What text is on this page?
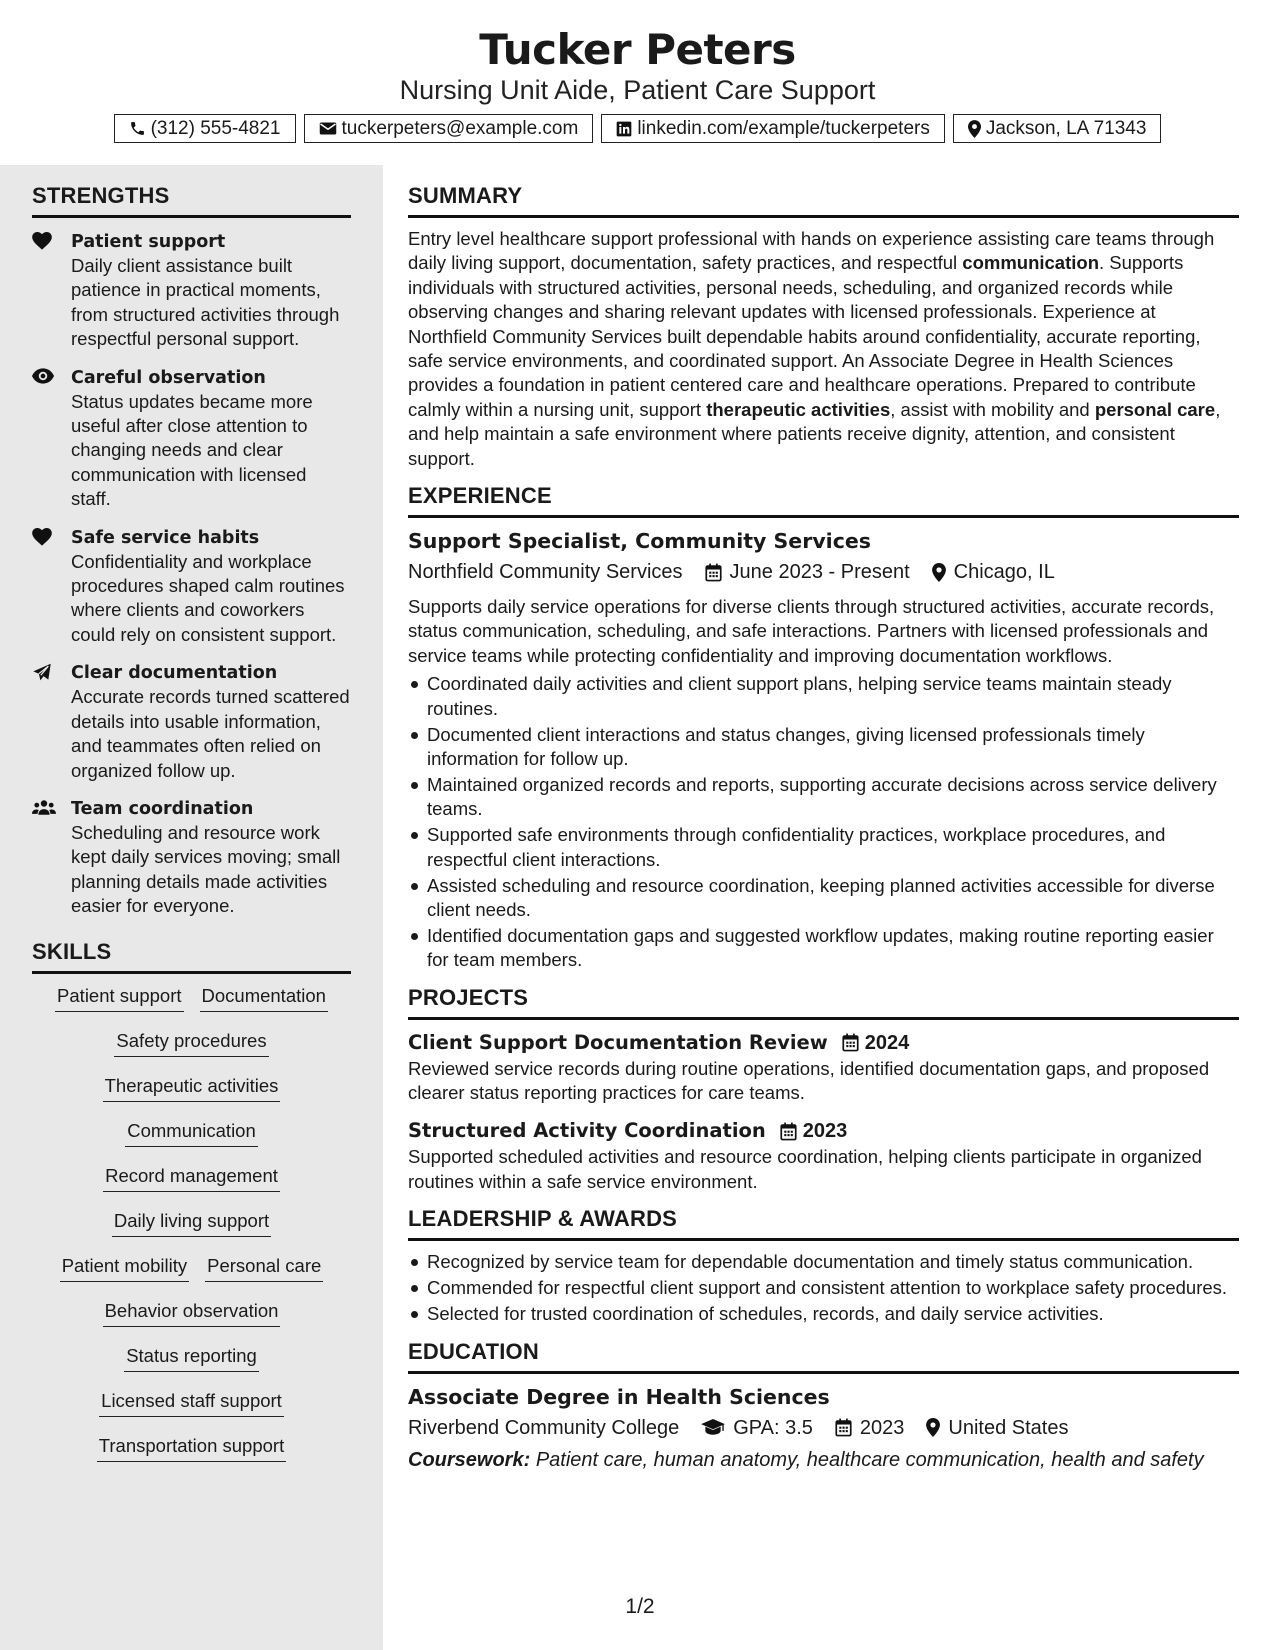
Tucker Peters
Nursing Unit Aide, Patient Care Support
(312) 555-4821	tuckerpeters@example.com	linkedin.com/example/tuckerpeters	Jackson, LA 71343
STRENGTHS
Patient support
Daily client assistance built patience in practical moments, from structured activities through respectful personal support.
Careful observation
Status updates became more useful after close attention to changing needs and clear communication with licensed staff.
Safe service habits
Confidentiality and workplace procedures shaped calm routines where clients and coworkers could rely on consistent support.
Clear documentation
Accurate records turned scattered details into usable information, and teammates often relied on organized follow up.
Team coordination
Scheduling and resource work kept daily services moving; small planning details made activities easier for everyone.
SKILLS
Patient support Documentation
Safety procedures
Therapeutic activities
Communication
Record management
Daily living support
Patient mobility Personal care
Behavior observation
Status reporting
Licensed staff support
Transportation support
SUMMARY

Entry level healthcare support professional with hands on experience assisting care teams through daily living support, documentation, safety practices, and respectful communication. Supports individuals with structured activities, personal needs, scheduling, and organized records while observing changes and sharing relevant updates with licensed professionals. Experience at Northfield Community Services built dependable habits around confidentiality, accurate reporting, safe service environments, and coordinated support. An Associate Degree in Health Sciences provides a foundation in patient centered care and healthcare operations. Prepared to contribute calmly within a nursing unit, support therapeutic activities, assist with mobility and personal care, and help maintain a safe environment where patients receive dignity, attention, and consistent support.

EXPERIENCE
Support Specialist, Community Services
Northfield Community Services June 2023 - Present Chicago, IL

Supports daily service operations for diverse clients through structured activities, accurate records, status communication, scheduling, and safe interactions. Partners with licensed professionals and service teams while protecting confidentiality and improving documentation workflows.

Coordinated daily activities and client support plans, helping service teams maintain steady routines.
Documented client interactions and status changes, giving licensed professionals timely information for follow up.
Maintained organized records and reports, supporting accurate decisions across service delivery teams.
Supported safe environments through confidentiality practices, workplace procedures, and respectful client interactions.
Assisted scheduling and resource coordination, keeping planned activities accessible for diverse client needs.
Identified documentation gaps and suggested workflow updates, making routine reporting easier for team members.
PROJECTS
Client Support Documentation Review 2024

Reviewed service records during routine operations, identified documentation gaps, and proposed clearer status reporting practices for care teams.

Structured Activity Coordination 2023

Supported scheduled activities and resource coordination, helping clients participate in organized routines within a safe service environment.

LEADERSHIP & AWARDS
Recognized by service team for dependable documentation and timely status communication.
Commended for respectful client support and consistent attention to workplace safety procedures.
Selected for trusted coordination of schedules, records, and daily service activities.
EDUCATION
Associate Degree in Health Sciences
Riverbend Community College	GPA: 3.5 2023 United States
Coursework: Patient care, human anatomy, healthcare communication, health and safety
1/2
